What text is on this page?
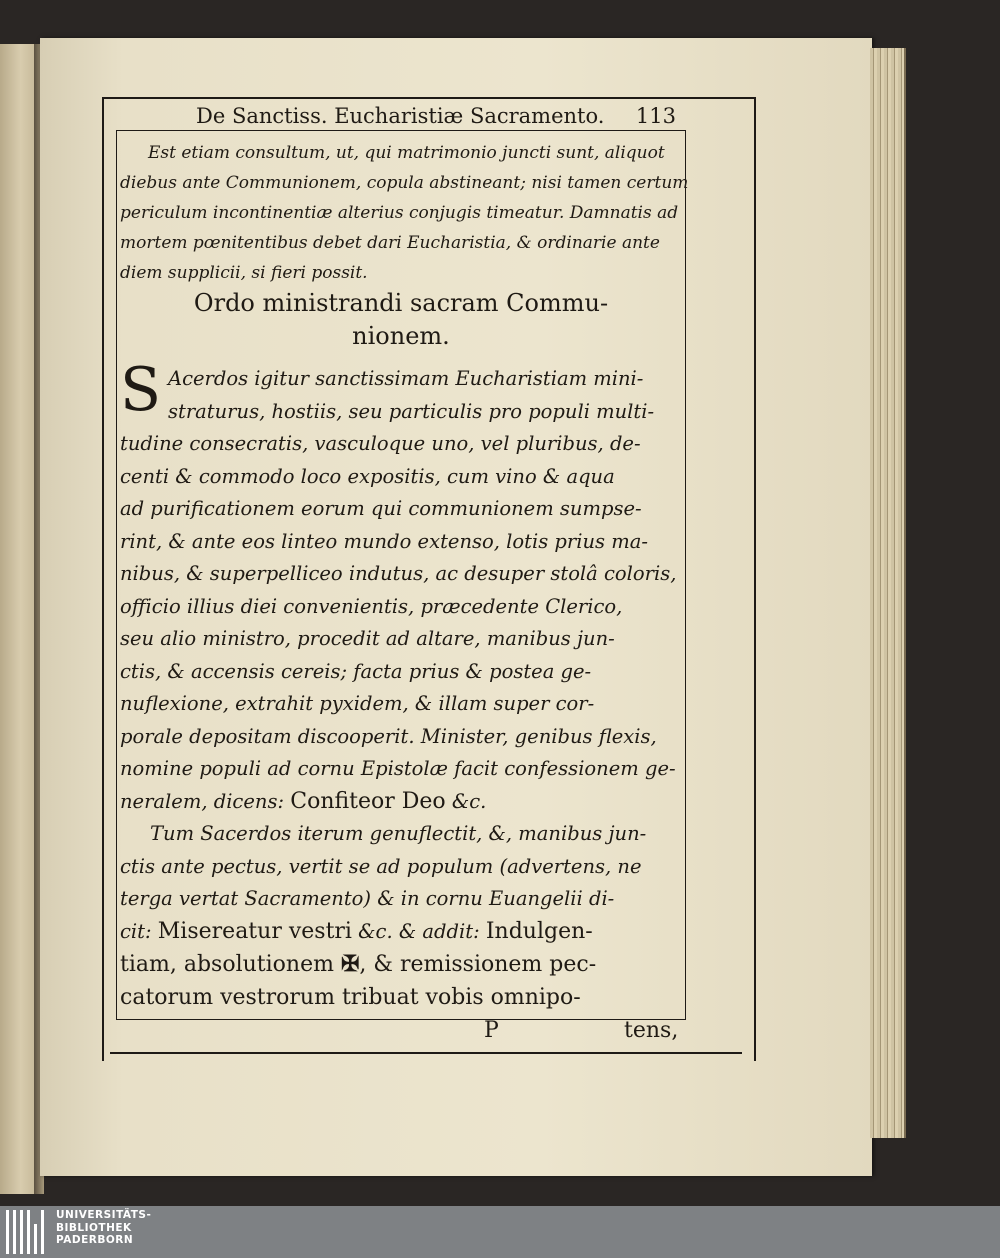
De Sanctiss. Eucharistiæ Sacramento. 113
Est etiam consultum, ut, qui matrimonio juncti sunt, aliquot
diebus ante Communionem, copula abstineant; nisi tamen certum
periculum incontinentiæ alterius conjugis timeatur. Damnatis ad
mortem pœnitentibus debet dari Eucharistia, & ordinarie ante
diem supplicii, si fieri possit.
Ordo ministrandi sacram Commu-
nionem.
S Acerdos igitur sanctissimam Eucharistiam mini-
straturus, hostiis, seu particulis pro populi multi-
tudine consecratis, vasculoque uno, vel pluribus, de-
centi & commodo loco expositis, cum vino & aqua
ad purificationem eorum qui communionem sumpse-
rint, & ante eos linteo mundo extenso, lotis prius ma-
nibus, & superpelliceo indutus, ac desuper stolâ coloris,
officio illius diei convenientis, præcedente Clerico,
seu alio ministro, procedit ad altare, manibus jun-
ctis, & accensis cereis; facta prius & postea ge-
nuflexione, extrahit pyxidem, & illam super cor-
porale depositam discooperit. Minister, genibus flexis,
nomine populi ad cornu Epistolæ facit confessionem ge-
neralem, dicens: Confiteor Deo &c.
Tum Sacerdos iterum genuflectit, &, manibus jun-
ctis ante pectus, vertit se ad populum (advertens, ne
terga vertat Sacramento) & in cornu Euangelii di-
cit: Misereatur vestri &c. & addit: Indulgen-
tiam, absolutionem ✠, & remissionem pec-
catorum vestrorum tribuat vobis omnipo-
P	tens,
UNIVERSITÄTS-
BIBLIOTHEK
PADERBORN
